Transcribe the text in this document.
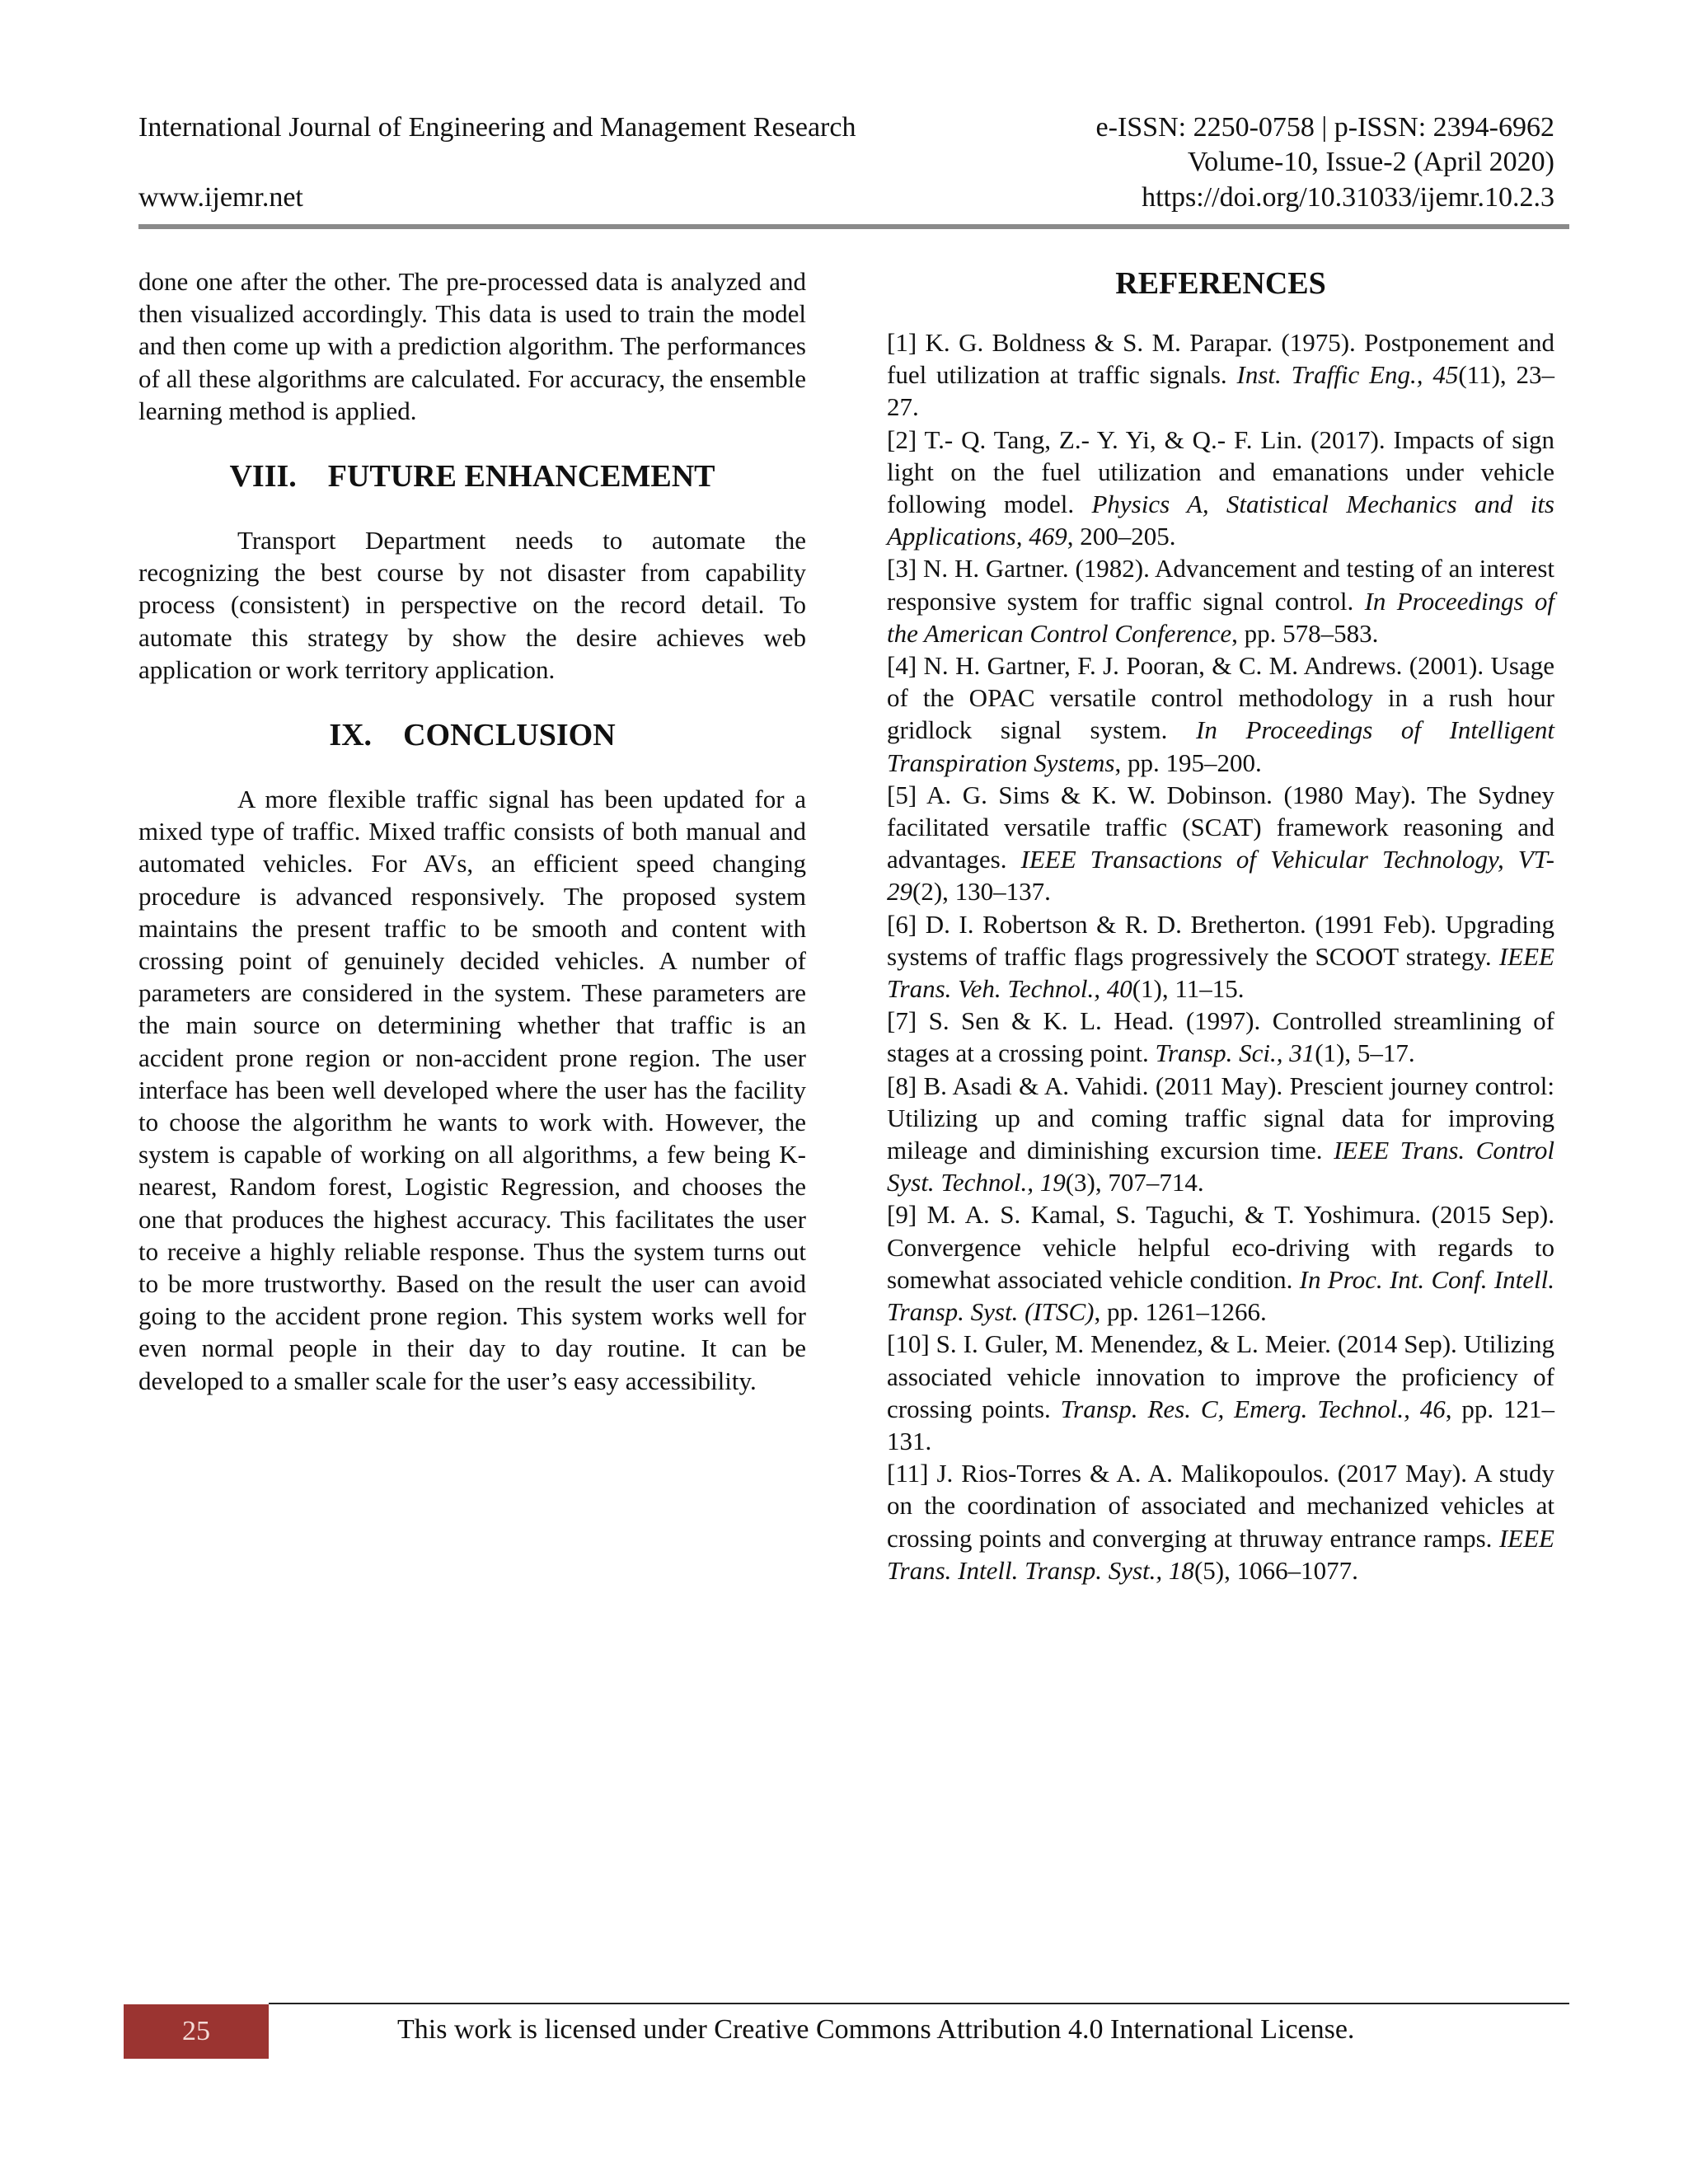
International Journal of Engineering and Management Research	e-ISSN: 2250-0758 | p-ISSN: 2394-6962
Volume-10, Issue-2 (April 2020)
www.ijemr.net	https://doi.org/10.31033/ijemr.10.2.3

done one after the other. The pre-processed data is analyzed and then visualized accordingly. This data is used to train the model and then come up with a prediction algorithm. The performances of all these algorithms are calculated. For accuracy, the ensemble learning method is applied.

VIII. FUTURE ENHANCEMENT

Transport Department needs to automate the recognizing the best course by not disaster from capability process (consistent) in perspective on the record detail. To automate this strategy by show the desire achieves web application or work territory application.

IX. CONCLUSION

A more flexible traffic signal has been updated for a mixed type of traffic. Mixed traffic consists of both manual and automated vehicles. For AVs, an efficient speed changing procedure is advanced responsively. The proposed system maintains the present traffic to be smooth and content with crossing point of genuinely decided vehicles. A number of parameters are considered in the system. These parameters are the main source on determining whether that traffic is an accident prone region or non-accident prone region. The user interface has been well developed where the user has the facility to choose the algorithm he wants to work with. However, the system is capable of working on all algorithms, a few being K-nearest, Random forest, Logistic Regression, and chooses the one that produces the highest accuracy. This facilitates the user to receive a highly reliable response. Thus the system turns out to be more trustworthy. Based on the result the user can avoid going to the accident prone region. This system works well for even normal people in their day to day routine. It can be developed to a smaller scale for the user’s easy accessibility.

REFERENCES

[1] K. G. Boldness & S. M. Parapar. (1975). Postponement and fuel utilization at traffic signals. Inst. Traffic Eng., 45(11), 23–27.

[2] T.- Q. Tang, Z.- Y. Yi, & Q.- F. Lin. (2017). Impacts of sign light on the fuel utilization and emanations under vehicle following model. Physics A, Statistical Mechanics and its Applications, 469, 200–205.

[3] N. H. Gartner. (1982). Advancement and testing of an interest responsive system for traffic signal control. In Proceedings of the American Control Conference, pp. 578–583.

[4] N. H. Gartner, F. J. Pooran, & C. M. Andrews. (2001). Usage of the OPAC versatile control methodology in a rush hour gridlock signal system. In Proceedings of Intelligent Transpiration Systems, pp. 195–200.

[5] A. G. Sims & K. W. Dobinson. (1980 May). The Sydney facilitated versatile traffic (SCAT) framework reasoning and advantages. IEEE Transactions of Vehicular Technology, VT-29(2), 130–137.

[6] D. I. Robertson & R. D. Bretherton. (1991 Feb). Upgrading systems of traffic flags progressively the SCOOT strategy. IEEE Trans. Veh. Technol., 40(1), 11–15.

[7] S. Sen & K. L. Head. (1997). Controlled streamlining of stages at a crossing point. Transp. Sci., 31(1), 5–17.

[8] B. Asadi & A. Vahidi. (2011 May). Prescient journey control: Utilizing up and coming traffic signal data for improving mileage and diminishing excursion time. IEEE Trans. Control Syst. Technol., 19(3), 707–714.

[9] M. A. S. Kamal, S. Taguchi, & T. Yoshimura. (2015 Sep). Convergence vehicle helpful eco-driving with regards to somewhat associated vehicle condition. In Proc. Int. Conf. Intell. Transp. Syst. (ITSC), pp. 1261–1266.

[10] S. I. Guler, M. Menendez, & L. Meier. (2014 Sep). Utilizing associated vehicle innovation to improve the proficiency of crossing points. Transp. Res. C, Emerg. Technol., 46, pp. 121–131.

[11] J. Rios-Torres & A. A. Malikopoulos. (2017 May). A study on the coordination of associated and mechanized vehicles at crossing points and converging at thruway entrance ramps. IEEE Trans. Intell. Transp. Syst., 18(5), 1066–1077.

25	This work is licensed under Creative Commons Attribution 4.0 International License.
